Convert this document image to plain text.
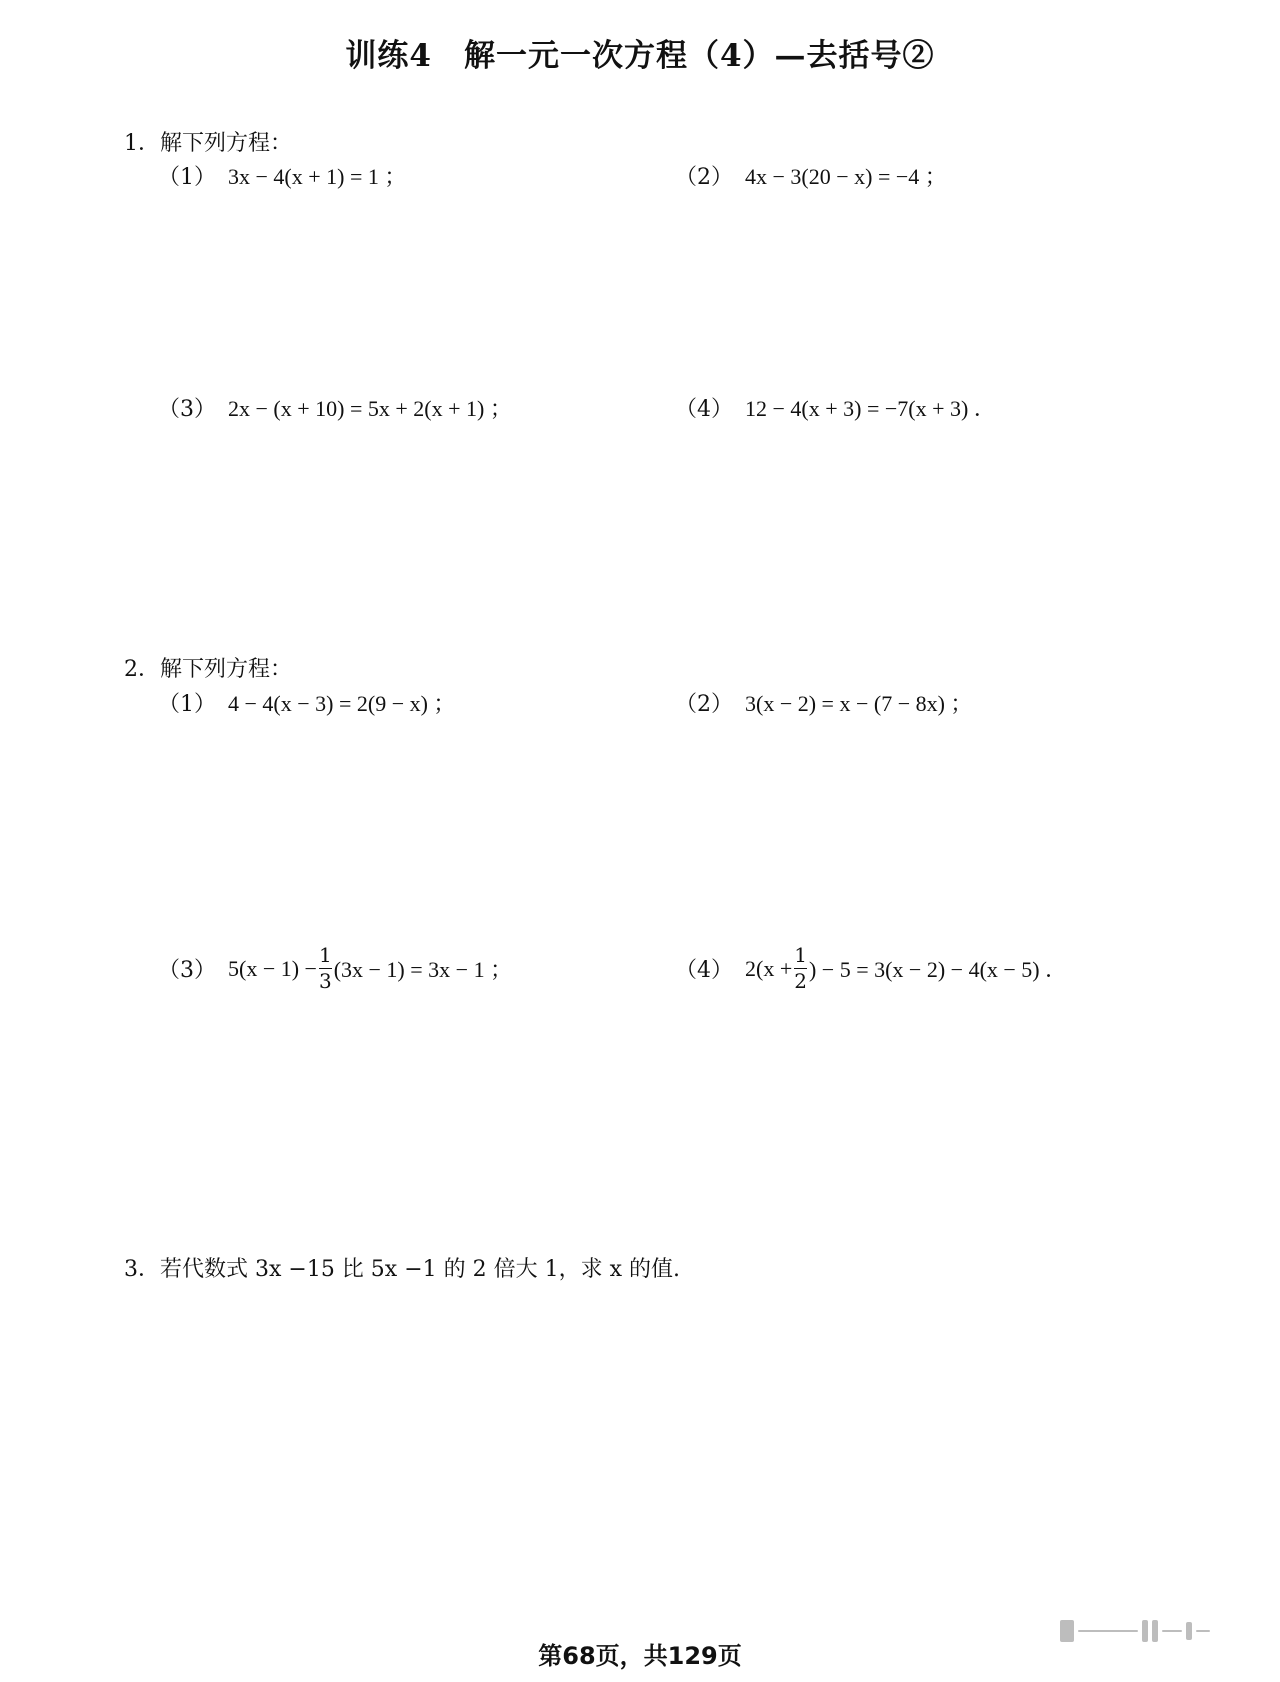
训练4　解一元一次方程（4）—去括号②
1．解下列方程：
（1） 3x − 4(x + 1) = 1 ；	（2） 4x − 3(20 − x) = −4 ；
（3） 2x − (x + 10) = 5x + 2(x + 1) ；	（4） 12 − 4(x + 3) = −7(x + 3) ．
2．解下列方程：
（1） 4 − 4(x − 3) = 2(9 − x) ；	（2） 3(x − 2) = x − (7 − 8x) ；
（3） $5(x - 1) - \frac{1}{3} (3x - 1) = 3x - 1$ ；	（4） $2(x + \frac{1}{2}$ ) − 5 = 3(x − 2) − 4(x − 5) ．
3．若代数式 3x −15 比 5x −1 的 2 倍大 1，求 x 的值.
第68页，共129页
